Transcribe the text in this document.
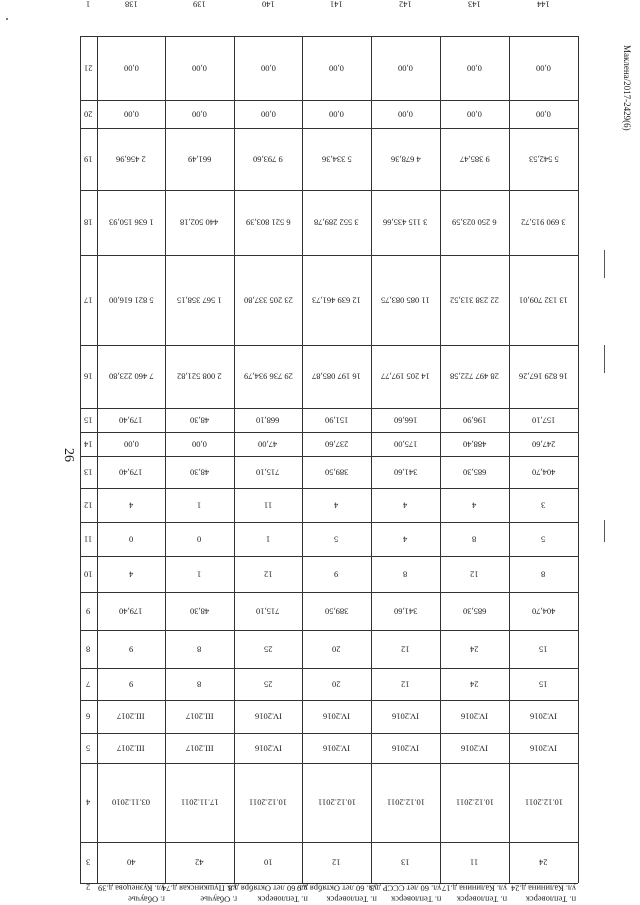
26
Маклена/2017-2429(6)
21
20
19
18
17
16
15
14
13
12
11
10
9
8
7
6
5
4
3
2
1	138
г. Обаучье
ул. Кузнецова д.39
40
03.11.2010
III.2017
III.2017
9
9
179,40
4
0
4
179,40
0,00
179,40
7 460 223,80
5 821 616,00
1 636 150,93
2 456,96
0,00
0,00
139
г. Обаучье
ул. Пушкинская д.74
42
17.11.2011
III.2017
III.2017
8
8
48,30
1
0
1
48,30
0,00
48,30
2 008 521,82
1 567 358,15
440 502,18
661,49
0,00
0,00
140
п. Тепловерск
ул. 60 лет Октября д.8
10
10.12.2011
IV.2016
IV.2016
25
25
715,10
12
1
11
715,10
47,00
668,10
29 736 934,79
23 205 337,80
6 521 803,39
9 793,60
0,00
0,00
141
п. Тепловерск
ул. 60 лет Октября д.9
12
10.12.2011
IV.2016
IV.2016
20
20
389,50
9
5
4
389,50
237,60
151,90
16 197 085,87
12 639 461,73
3 552 289,78
5 334,36
0,00
0,00
142
п. Тепловерск
ул. 60 лет СССР д.3
13
10.12.2011
IV.2016
IV.2016
12
12
341,60
8
4
4
341,60
175,00
166,60
14 205 197,77
11 085 083,75
3 115 435,66
4 678,36
0,00
0,00
143
п. Тепловерск
ул. Калинина д.17
11
10.12.2011
IV.2016
IV.2016
24
24
685,30
12
8
4
685,30
488,40
196,90
28 497 722,58
22 238 313,52
6 250 023,59
9 385,47
0,00
0,00
144
п. Тепловерск
ул. Калинина д.24
24
10.12.2011
IV.2016
IV.2016
15
15
404,70
8
5
3
404,70
247,60
157,10
16 829 167,26
13 132 709,01
3 690 915,72
5 542,53
0,00
0,00
